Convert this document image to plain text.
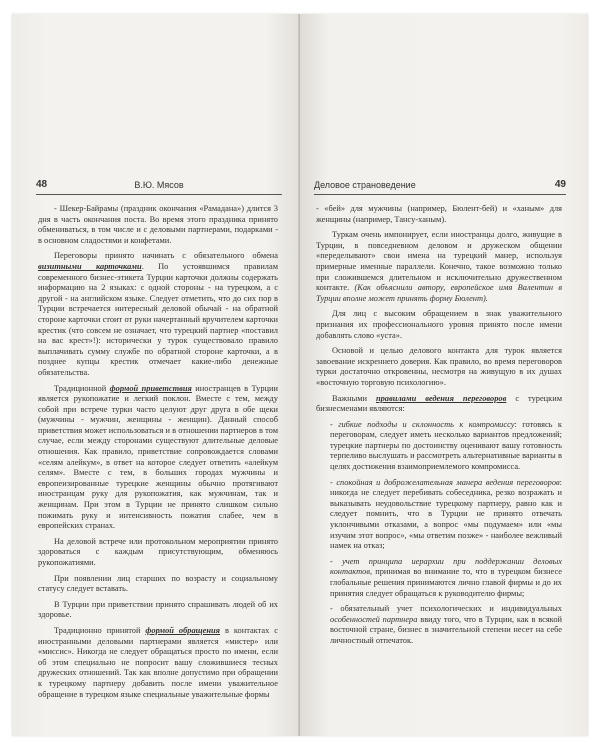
48	В.Ю. Мясов

- Шекер-Байрамы (праздник окончания «Рамадана») длится 3 дня в часть окончания поста. Во время этого праздника принято обмениваться, в том числе и с деловыми партнерами, подарками - в основном сладостями и конфетами.

Переговоры принято начинать с обязательного обмена визитными карточками. По устоявшимся правилам современного бизнес-этикета Турции карточки должны содержать информацию на 2 языках: с одной стороны - на турецком, а с другой - на английском языке. Следует отметить, что до сих пор в Турции встречается интересный деловой обычай - на обратной стороне карточки стоит от руки начертанный вручителем карточки крестик (что совсем не означает, что турецкий партнер «поставил на вас крест»!): исторически у турок существовало правило выплачивать сумму службе по обратной стороне карточки, а в позднее купцы крестик отмечает какие-либо денежные обязательства.

Традиционной формой приветствия иностранцев в Турции является рукопожатие и легкий поклон. Вместе с тем, между собой при встрече турки часто целуют друг друга в обе щеки (мужчины - мужчин, женщины - женщин). Данный способ приветствия может использоваться и в отношении партнеров в том случае, если между сторонами существуют длительные деловые отношения. Как правило, приветствие сопровождается словами «селям алейкум», в ответ на которое следует ответить «алейкум селям». Вместе с тем, в больших городах мужчины и европеизированные турецкие женщины обычно протягивают иностранцам руку для рукопожатия, как мужчинам, так и женщинам. При этом в Турции не принято слишком сильно пожимать руку и интенсивность пожатия слабее, чем в европейских странах.

На деловой встрече или протокольном мероприятии принято здороваться с каждым присутствующим, обменяюсь рукопожатиями.

При появлении лиц старших по возрасту и социальному статусу следует вставать.

В Турции при приветствии принято спрашивать людей об их здоровье.

Традиционно принятой формой обращения в контактах с иностранными деловыми партнерами является «мистер» или «миссис». Никогда не следует обращаться просто по имени, если об этом специально не попросит вашу сложившиеся тесных дружеских отношений. Так как вполне допустимо при обращении к турецкому партнеру добавить после имени уважительное обращение в турецком языке специальные уважительные формы

Деловое страноведение	49

- «бей» для мужчины (например, Бюлент-бей) и «ханым» для женщины (например, Тансу-ханым).

Туркам очень импонирует, если иностранцы долго, живущие в Турции, в повседневном деловом и дружеском общении «переделывают» свои имена на турецкий манер, используя примерные именные параллели. Конечно, такое возможно только при сложившемся длительном и исключительно дружественном контакте. (Как объяснили автору, европейское имя Валентин в Турции вполне может принять форму Бюлент).

Для лиц с высоким обращением в знак уважительного признания их профессионального уровня принято после имени добавлять слово «уста».

Основой и целью делового контакта для турок является завоевание искреннего доверия. Как правило, во время переговоров турки достаточно откровенны, несмотря на живущую в их душах «восточную торговую психологию».

Важными правилами ведения переговоров с турецким бизнесменами являются:

- гибкие подходы и склонность к компромиссу: готовясь к переговорам, следует иметь несколько вариантов предложений; турецкие партнеры по достоинству оценивают вашу готовность терпеливо выслушать и рассмотреть альтернативные варианты в целях достижения взаимоприемлемого компромисса.

- спокойная и доброжелательная манера ведения переговоров: никогда не следует перебивать собеседника, резко возражать и выказывать неудовольствие турецкому партнеру, равно как и следует помнить, что в Турции не принято отвечать уклончивыми отказами, а вопрос «мы подумаем» или «мы изучим этот вопрос», «мы ответим позже» - наиболее вежливый намек на отказ;

- учет принципа иерархии при поддержании деловых контактов, принимая во внимание то, что в турецком бизнесе глобальные решения принимаются лично главой фирмы и до их принятия следует обращаться к руководителю фирмы;

- обязательный учет психологических и индивидуальных особенностей партнера ввиду того, что в Турции, как в всякой восточной стране, бизнес в значительной степени несет на себе личностный отпечаток.
